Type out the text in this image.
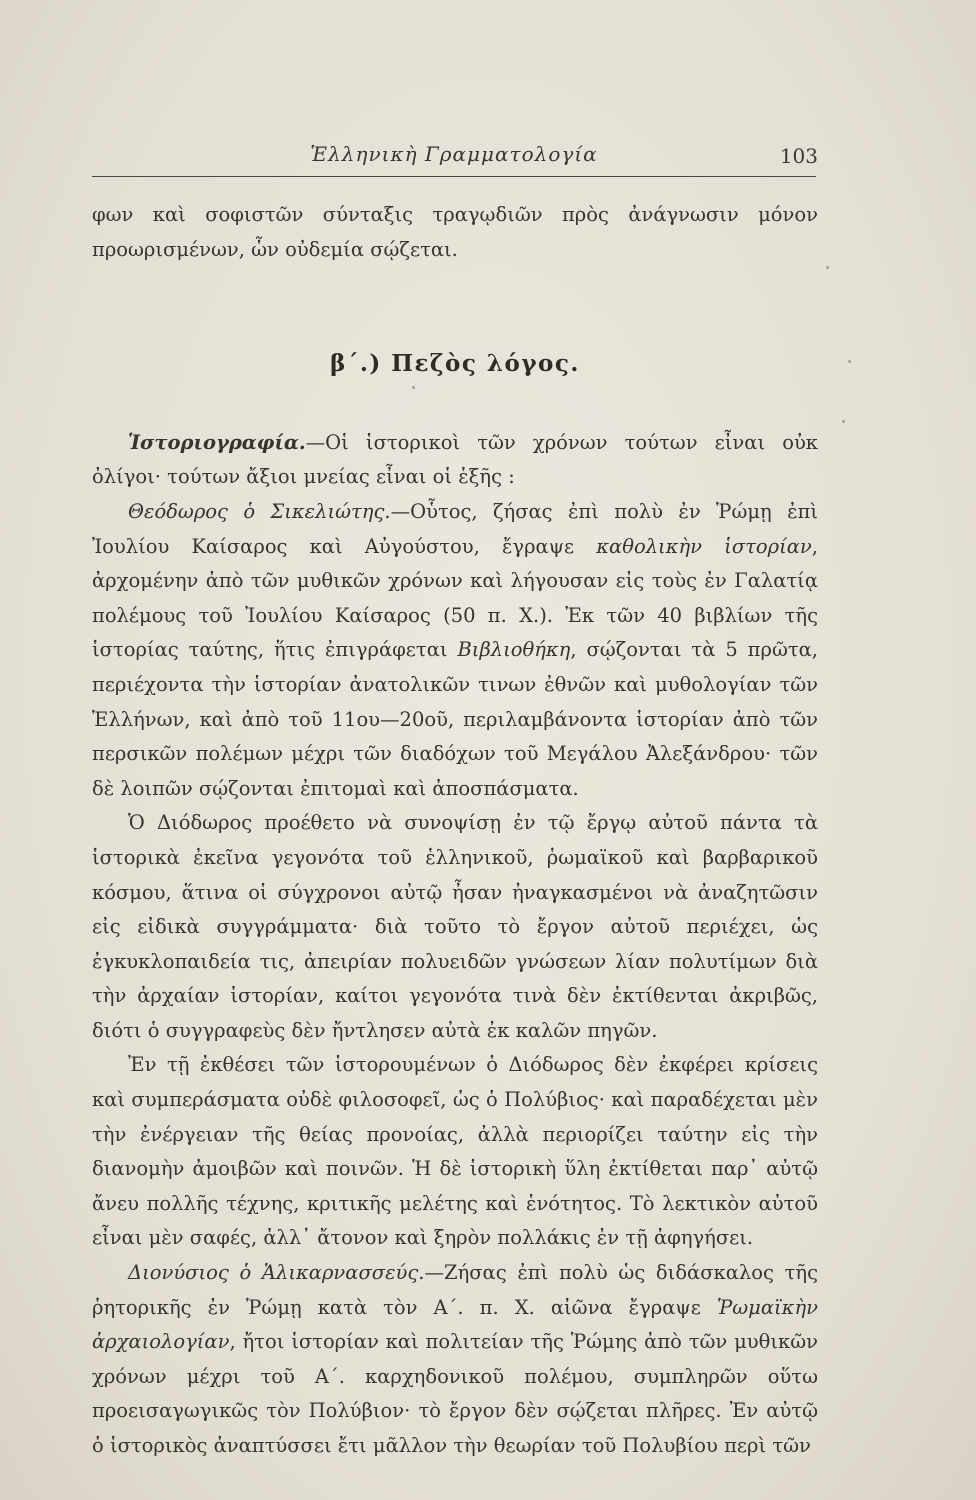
Ἑλληνικὴ Γραμματολογία	103

φων καὶ σοφιστῶν σύνταξις τραγῳδιῶν πρὸς ἀνάγνωσιν μόνον προωρισμένων, ὧν οὐδεμία σῴζεται.

β΄.) Πεζὸς λόγος.

Ἱστοριογραφία.—Οἱ ἱστορικοὶ τῶν χρόνων τούτων εἶναι οὐκ ὀλίγοι· τούτων ἄξιοι μνείας εἶναι οἱ ἑξῆς :

Θεόδωρος ὁ Σικελιώτης.—Οὗτος, ζήσας ἐπὶ πολὺ ἐν Ῥώμῃ ἐπὶ Ἰουλίου Καίσαρος καὶ Αὐγούστου, ἔγραψε καθολικὴν ἱστορίαν, ἀρχομένην ἀπὸ τῶν μυθικῶν χρόνων καὶ λήγουσαν εἰς τοὺς ἐν Γαλατίᾳ πολέμους τοῦ Ἰουλίου Καίσαρος (50 π. Χ.). Ἐκ τῶν 40 βιβλίων τῆς ἱστορίας ταύτης, ἥτις ἐπιγράφεται Βιβλιοθήκη, σῴζονται τὰ 5 πρῶτα, περιέχοντα τὴν ἱστορίαν ἀνατολικῶν τινων ἐθνῶν καὶ μυθολογίαν τῶν Ἑλλήνων, καὶ ἀπὸ τοῦ 11ου—20οῦ, περιλαμβάνοντα ἱστορίαν ἀπὸ τῶν περσικῶν πολέμων μέχρι τῶν διαδόχων τοῦ Μεγάλου Ἀλεξάνδρου· τῶν δὲ λοιπῶν σῴζονται ἐπιτομαὶ καὶ ἀποσπάσματα.

Ὁ Διόδωρος προέθετο νὰ συνοψίσῃ ἐν τῷ ἔργῳ αὐτοῦ πάντα τὰ ἱστορικὰ ἐκεῖνα γεγονότα τοῦ ἑλληνικοῦ, ῥωμαϊκοῦ καὶ βαρβαρικοῦ κόσμου, ἅτινα οἱ σύγχρονοι αὐτῷ ἦσαν ἠναγκασμένοι νὰ ἀναζητῶσιν εἰς εἰδικὰ συγγράμματα· διὰ τοῦτο τὸ ἔργον αὐτοῦ περιέχει, ὡς ἐγκυκλοπαιδεία τις, ἀπειρίαν πολυειδῶν γνώσεων λίαν πολυτίμων διὰ τὴν ἀρχαίαν ἱστορίαν, καίτοι γεγονότα τινὰ δὲν ἐκτίθενται ἀκριβῶς, διότι ὁ συγγραφεὺς δὲν ἤντλησεν αὐτὰ ἐκ καλῶν πηγῶν.

Ἐν τῇ ἐκθέσει τῶν ἱστορουμένων ὁ Διόδωρος δὲν ἐκφέρει κρίσεις καὶ συμπεράσματα οὐδὲ φιλοσοφεῖ, ὡς ὁ Πολύβιος· καὶ παραδέχεται μὲν τὴν ἐνέργειαν τῆς θείας προνοίας, ἀλλὰ περιορίζει ταύτην εἰς τὴν διανομὴν ἀμοιβῶν καὶ ποινῶν. Ἡ δὲ ἱστορικὴ ὕλη ἐκτίθεται παρ᾽ αὐτῷ ἄνευ πολλῆς τέχνης, κριτικῆς μελέτης καὶ ἑνότητος. Τὸ λεκτικὸν αὐτοῦ εἶναι μὲν σαφές, ἀλλ᾽ ἄτονον καὶ ξηρὸν πολλάκις ἐν τῇ ἀφηγήσει.

Διονύσιος ὁ Ἁλικαρνασσεύς.—Ζήσας ἐπὶ πολὺ ὡς διδάσκαλος τῆς ῥητορικῆς ἐν Ῥώμῃ κατὰ τὸν Α΄. π. Χ. αἰῶνα ἔγραψε Ῥωμαϊκὴν ἀρχαιολογίαν, ἤτοι ἱστορίαν καὶ πολιτείαν τῆς Ῥώμης ἀπὸ τῶν μυθικῶν χρόνων μέχρι τοῦ Α΄. καρχηδονικοῦ πολέμου, συμπληρῶν οὕτω προεισαγωγικῶς τὸν Πολύβιον· τὸ ἔργον δὲν σῴζεται πλῆρες. Ἐν αὐτῷ ὁ ἱστορικὸς ἀναπτύσσει ἔτι μᾶλλον τὴν θεωρίαν τοῦ Πολυβίου περὶ τῶν
